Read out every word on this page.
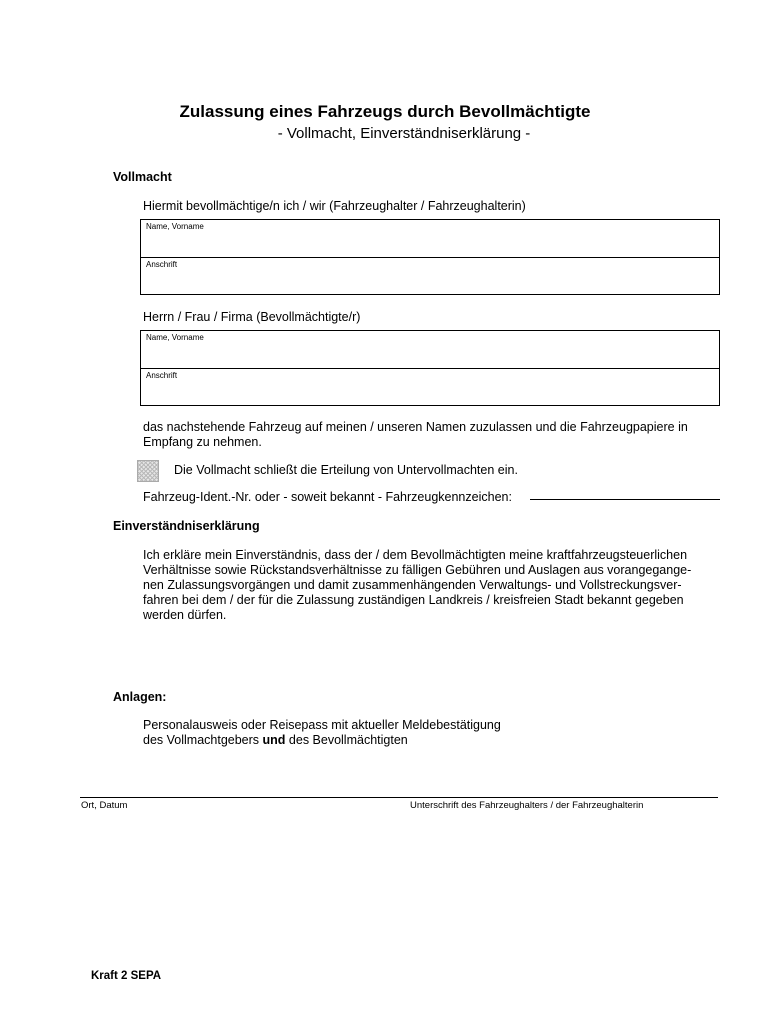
Zulassung eines Fahrzeugs durch Bevollmächtigte
- Vollmacht, Einverständniserklärung -
Vollmacht
Hiermit bevollmächtige/n ich / wir (Fahrzeughalter / Fahrzeughalterin)
Name, Vorname
Anschrift
Herrn / Frau / Firma (Bevollmächtigte/r)
Name, Vorname
Anschrift
das nachstehende Fahrzeug auf meinen / unseren Namen zuzulassen und die Fahrzeugpapiere in
Empfang zu nehmen.
Die Vollmacht schließt die Erteilung von Untervollmachten ein.
Fahrzeug-Ident.-Nr. oder - soweit bekannt - Fahrzeugkennzeichen:
Einverständniserklärung
Ich erkläre mein Einverständnis, dass der / dem Bevollmächtigten meine kraftfahrzeugsteuerlichen
Verhältnisse sowie Rückstandsverhältnisse zu fälligen Gebühren und Auslagen aus vorangegange-
nen Zulassungsvorgängen und damit zusammenhängenden Verwaltungs- und Vollstreckungsver-
fahren bei dem / der für die Zulassung zuständigen Landkreis / kreisfreien Stadt bekannt gegeben
werden dürfen.
Anlagen:
Personalausweis oder Reisepass mit aktueller Meldebestätigung
des Vollmachtgebers und des Bevollmächtigten
Ort, Datum	Unterschrift des Fahrzeughalters / der Fahrzeughalterin
Kraft 2 SEPA
